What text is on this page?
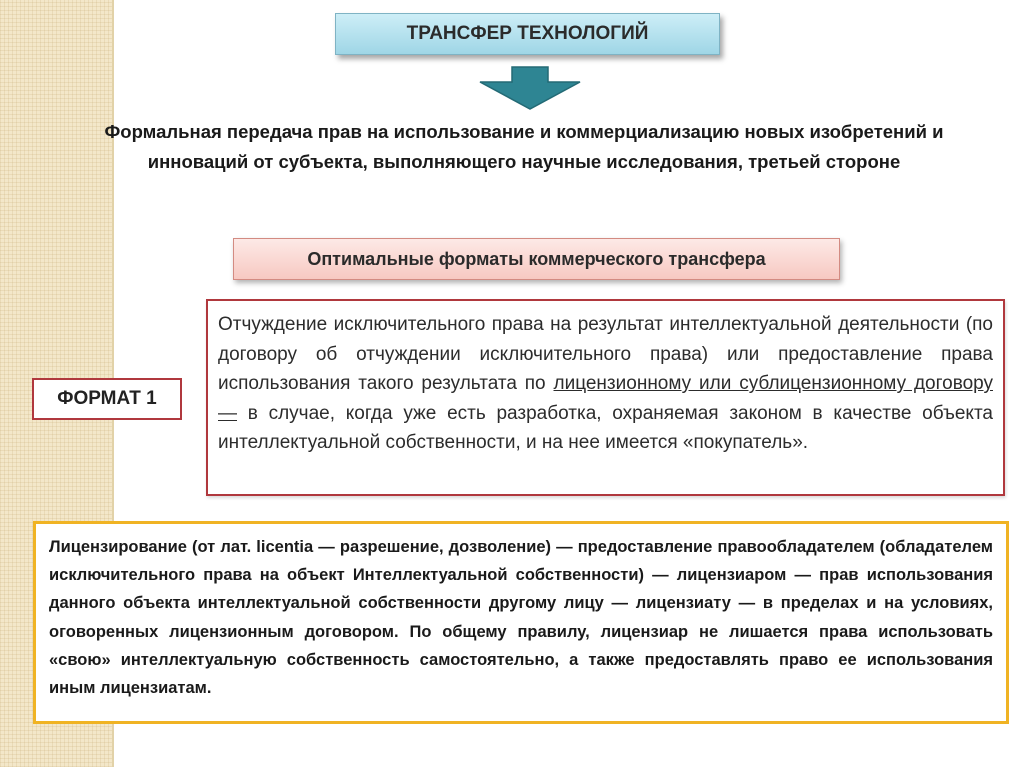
ТРАНСФЕР ТЕХНОЛОГИЙ
Формальная передача прав на использование и коммерциализацию новых изобретений и инноваций от субъекта, выполняющего научные исследования, третьей стороне
Оптимальные форматы коммерческого трансфера
ФОРМАТ 1
Отчуждение исключительного права на результат интеллектуальной деятельности (по договору об отчуждении исключительного права) или предоставление права использования такого результата по лицензионному или сублицензионному договору — в случае, когда уже есть разработка, охраняемая законом в качестве объекта интеллектуальной собственности, и на нее имеется «покупатель».
Лицензирование (от лат. licentia — разрешение, дозволение) — предоставление правообладателем (обладателем исключительного права на объект Интеллектуальной собственности) — лицензиаром — прав использования данного объекта интеллектуальной собственности другому лицу — лицензиату — в пределах и на условиях, оговоренных лицензионным договором. По общему правилу, лицензиар не лишается права использовать «свою» интеллектуальную собственность самостоятельно, а также предоставлять право ее использования иным лицензиатам.
